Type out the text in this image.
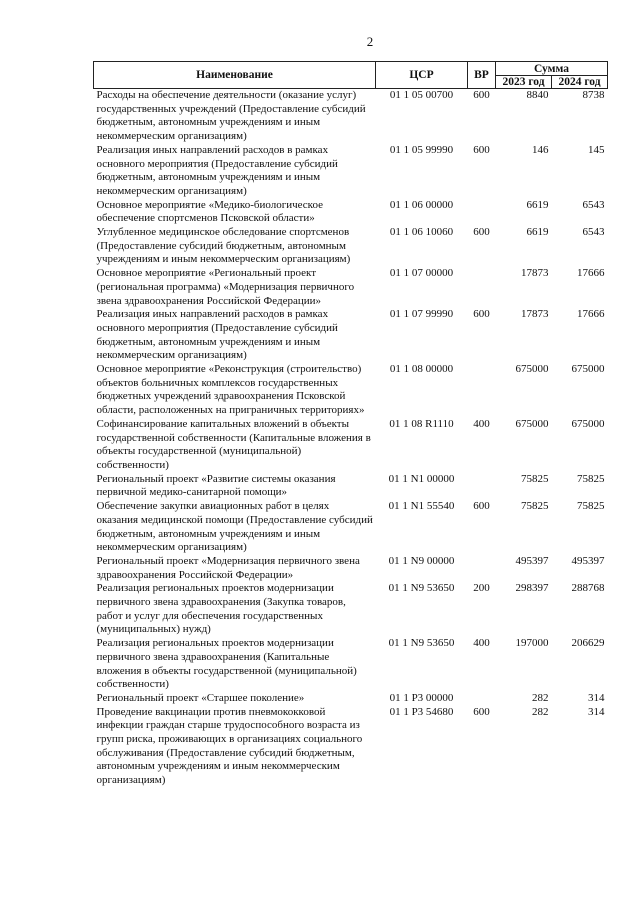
2
Наименование	ЦСР	ВР	Сумма	
			2023 год	2024 год
Расходы на обеспечение деятельности (оказание услуг) государственных учреждений (Предоставление субсидий бюджетным, автономным учреждениям и иным некоммерческим организациям)	01 1 05 00700	600	8840	8738
Реализация иных направлений расходов в рамках основного мероприятия (Предоставление субсидий бюджетным, автономным учреждениям и иным некоммерческим организациям)	01 1 05 99990	600	146	145
Основное мероприятие «Медико-биологическое обеспечение спортсменов Псковской области»	01 1 06 00000		6619	6543
Углубленное медицинское обследование спортсменов (Предоставление субсидий бюджетным, автономным учреждениям и иным некоммерческим организациям)	01 1 06 10060	600	6619	6543
Основное мероприятие «Региональный проект (региональная программа) «Модернизация первичного звена здравоохранения Российской Федерации»	01 1 07 00000		17873	17666
Реализация иных направлений расходов в рамках основного мероприятия (Предоставление субсидий бюджетным, автономным учреждениям и иным некоммерческим организациям)	01 1 07 99990	600	17873	17666
Основное мероприятие «Реконструкция (строительство) объектов больничных комплексов государственных бюджетных учреждений здравоохранения Псковской области, расположенных на приграничных территориях»	01 1 08 00000		675000	675000
Софинансирование капитальных вложений в объекты государственной собственности (Капитальные вложения в объекты государственной (муниципальной) собственности)	01 1 08 R1110	400	675000	675000
Региональный проект «Развитие системы оказания первичной медико-санитарной помощи»	01 1 N1 00000		75825	75825
Обеспечение закупки авиационных работ в целях оказания медицинской помощи (Предоставление субсидий бюджетным, автономным учреждениям и иным некоммерческим организациям)	01 1 N1 55540	600	75825	75825
Региональный проект «Модернизация первичного звена здравоохранения Российской Федерации»	01 1 N9 00000		495397	495397
Реализация региональных проектов модернизации первичного звена здравоохранения (Закупка товаров, работ и услуг для обеспечения государственных (муниципальных) нужд)	01 1 N9 53650	200	298397	288768
Реализация региональных проектов модернизации первичного звена здравоохранения (Капитальные вложения в объекты государственной (муниципальной) собственности)	01 1 N9 53650	400	197000	206629
Региональный проект «Старшее поколение»	01 1 P3 00000		282	314
Проведение вакцинации против пневмококковой инфекции граждан старше трудоспособного возраста из групп риска, проживающих в организациях социального обслуживания (Предоставление субсидий бюджетным, автономным учреждениям и иным некоммерческим организациям)	01 1 P3 54680	600	282	314
